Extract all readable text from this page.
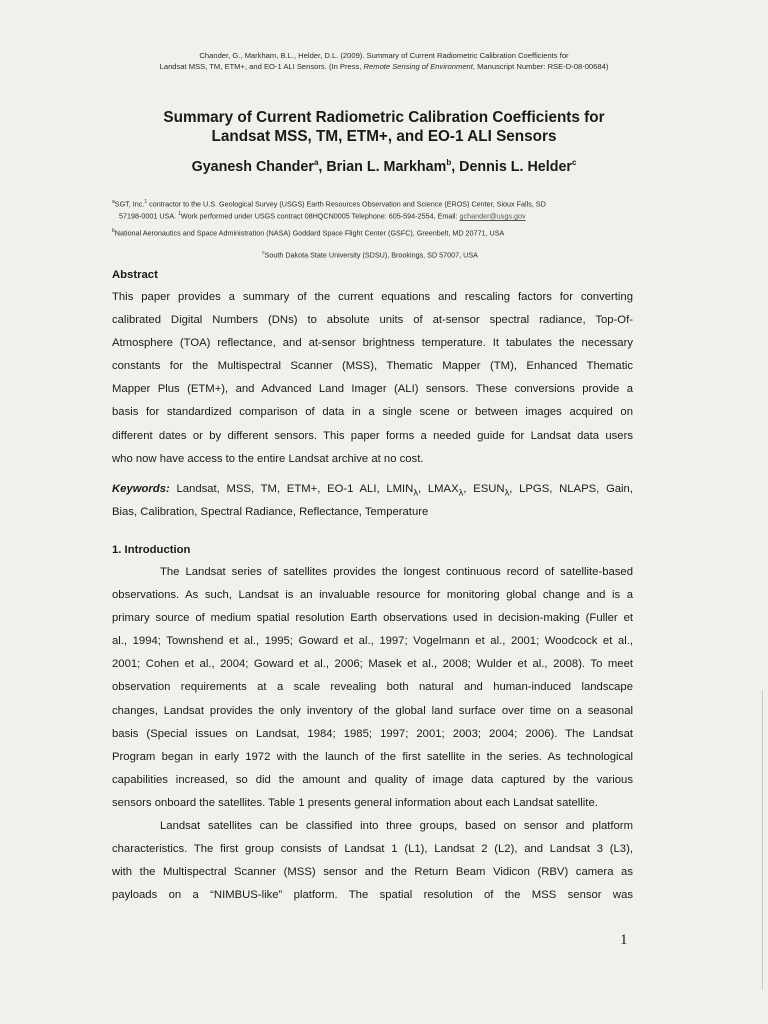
Chander, G., Markham, B.L., Helder, D.L. (2009). Summary of Current Radiometric Calibration Coefficients for
Landsat MSS, TM, ETM+, and EO-1 ALI Sensors. (In Press, Remote Sensing of Environment, Manuscript Number: RSE-D-08-00684)
Summary of Current Radiometric Calibration Coefficients for
Landsat MSS, TM, ETM+, and EO-1 ALI Sensors
Gyanesh Chander$^a$, Brian L. Markham$^b$, Dennis L. Helder$^c$
$^a$SGT, Inc.$^1$ contractor to the U.S. Geological Survey (USGS) Earth Resources Observation and Science (EROS) Center, Sioux Falls, SD
57198-0001 USA. $^1$Work performed under USGS contract 08HQCN0005 Telephone: 605-594-2554, Email: gchander@usgs.gov
$^b$National Aeronautics and Space Administration (NASA) Goddard Space Flight Center (GSFC), Greenbelt, MD 20771, USA
$^c$South Dakota State University (SDSU), Brookings, SD 57007, USA
Abstract
This paper provides a summary of the current equations and rescaling factors for converting
calibrated Digital Numbers (DNs) to absolute units of at-sensor spectral radiance, Top-Of-
Atmosphere (TOA) reflectance, and at-sensor brightness temperature. It tabulates the necessary
constants for the Multispectral Scanner (MSS), Thematic Mapper (TM), Enhanced Thematic
Mapper Plus (ETM+), and Advanced Land Imager (ALI) sensors. These conversions provide a
basis for standardized comparison of data in a single scene or between images acquired on
different dates or by different sensors. This paper forms a needed guide for Landsat data users
who now have access to the entire Landsat archive at no cost.
Keywords: Landsat, MSS, TM, ETM+, EO-1 ALI, $LMIN_\lambda$, $LMAX_\lambda$, $ESUN_\lambda$, LPGS, NLAPS, Gain,
Bias, Calibration, Spectral Radiance, Reflectance, Temperature
1. Introduction
The Landsat series of satellites provides the longest continuous record of satellite-based
observations. As such, Landsat is an invaluable resource for monitoring global change and is a
primary source of medium spatial resolution Earth observations used in decision-making (Fuller et
al., 1994; Townshend et al., 1995; Goward et al., 1997; Vogelmann et al., 2001; Woodcock et al.,
2001; Cohen et al., 2004; Goward et al., 2006; Masek et al., 2008; Wulder et al., 2008). To meet
observation requirements at a scale revealing both natural and human-induced landscape
changes, Landsat provides the only inventory of the global land surface over time on a seasonal
basis (Special issues on Landsat, 1984; 1985; 1997; 2001; 2003; 2004; 2006). The Landsat
Program began in early 1972 with the launch of the first satellite in the series. As technological
capabilities increased, so did the amount and quality of image data captured by the various
sensors onboard the satellites. Table 1 presents general information about each Landsat satellite.
Landsat satellites can be classified into three groups, based on sensor and platform
characteristics. The first group consists of Landsat 1 (L1), Landsat 2 (L2), and Landsat 3 (L3),
with the Multispectral Scanner (MSS) sensor and the Return Beam Vidicon (RBV) camera as
payloads on a “NIMBUS-like” platform. The spatial resolution of the MSS sensor was
1
